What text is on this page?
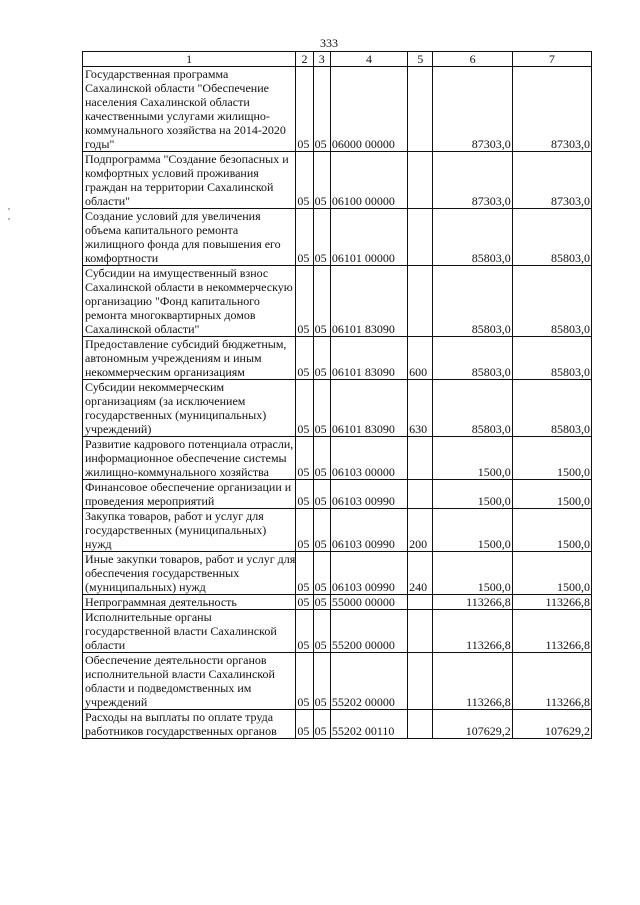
333
'
'
1	2	3	4	5	6	7
Государственная программа Сахалинской области "Обеспечение населения Сахалинской области качественными услугами жилищно-коммунального хозяйства на 2014-2020 годы"	05	05	06000 00000		87303,0	87303,0
Подпрограмма "Создание безопасных и комфортных условий проживания граждан на территории Сахалинской области"	05	05	06100 00000		87303,0	87303,0
Создание условий для увеличения объема капитального ремонта жилищного фонда для повышения его комфортности	05	05	06101 00000		85803,0	85803,0
Субсидии на имущественный взнос Сахалинской области в некоммерческую организацию "Фонд капитального ремонта многоквартирных домов Сахалинской области"	05	05	06101 83090		85803,0	85803,0
Предоставление субсидий бюджетным, автономным учреждениям и иным некоммерческим организациям	05	05	06101 83090	600	85803,0	85803,0
Субсидии некоммерческим организациям (за исключением государственных (муниципальных) учреждений)	05	05	06101 83090	630	85803,0	85803,0
Развитие кадрового потенциала отрасли, информационное обеспечение системы жилищно-коммунального хозяйства	05	05	06103 00000		1500,0	1500,0
Финансовое обеспечение организации и проведения мероприятий	05	05	06103 00990		1500,0	1500,0
Закупка товаров, работ и услуг для государственных (муниципальных) нужд	05	05	06103 00990	200	1500,0	1500,0
Иные закупки товаров, работ и услуг для обеспечения государственных (муниципальных) нужд	05	05	06103 00990	240	1500,0	1500,0
Непрограммная деятельность	05	05	55000 00000		113266,8	113266,8
Исполнительные органы государственной власти Сахалинской области	05	05	55200 00000		113266,8	113266,8
Обеспечение деятельности органов исполнительной власти Сахалинской области и подведомственных им учреждений	05	05	55202 00000		113266,8	113266,8
Расходы на выплаты по оплате труда работников государственных органов	05	05	55202 00110		107629,2	107629,2
